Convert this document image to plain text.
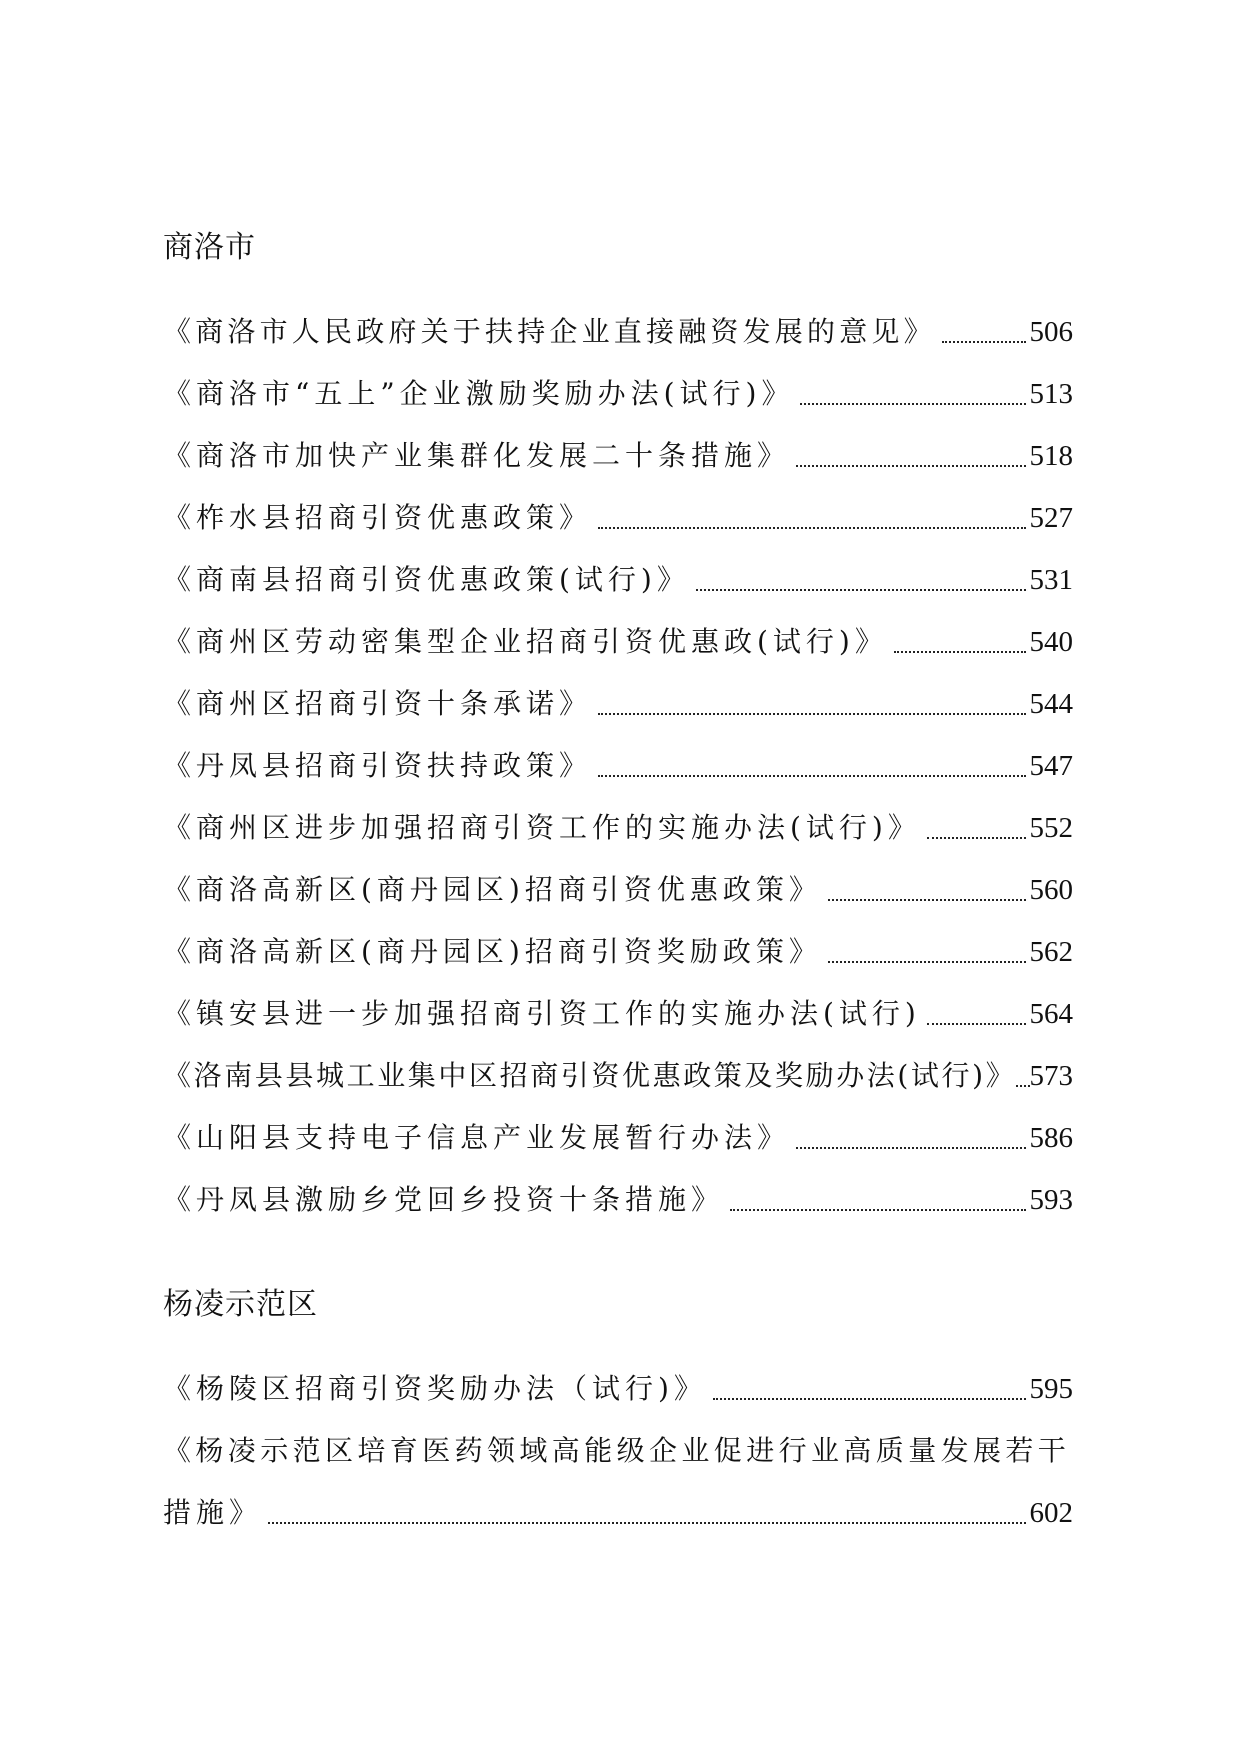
商洛市
《商洛市人民政府关于扶持企业直接融资发展的意见》	506
《商洛市“五上”企业激励奖励办法(试行)》	513
《商洛市加快产业集群化发展二十条措施》	518
《柞水县招商引资优惠政策》	527
《商南县招商引资优惠政策(试行)》	531
《商州区劳动密集型企业招商引资优惠政(试行)》	540
《商州区招商引资十条承诺》	544
《丹凤县招商引资扶持政策》	547
《商州区进步加强招商引资工作的实施办法(试行)》	552
《商洛高新区(商丹园区)招商引资优惠政策》	560
《商洛高新区(商丹园区)招商引资奖励政策》	562
《镇安县进一步加强招商引资工作的实施办法(试行)	564
《洛南县县城工业集中区招商引资优惠政策及奖励办法(试行)》 573
《山阳县支持电子信息产业发展暂行办法》	586
《丹凤县激励乡党回乡投资十条措施》	593
杨凌示范区
《杨陵区招商引资奖励办法（试行)》	595
《杨凌示范区培育医药领域高能级企业促进行业高质量发展若干
措施》	602
